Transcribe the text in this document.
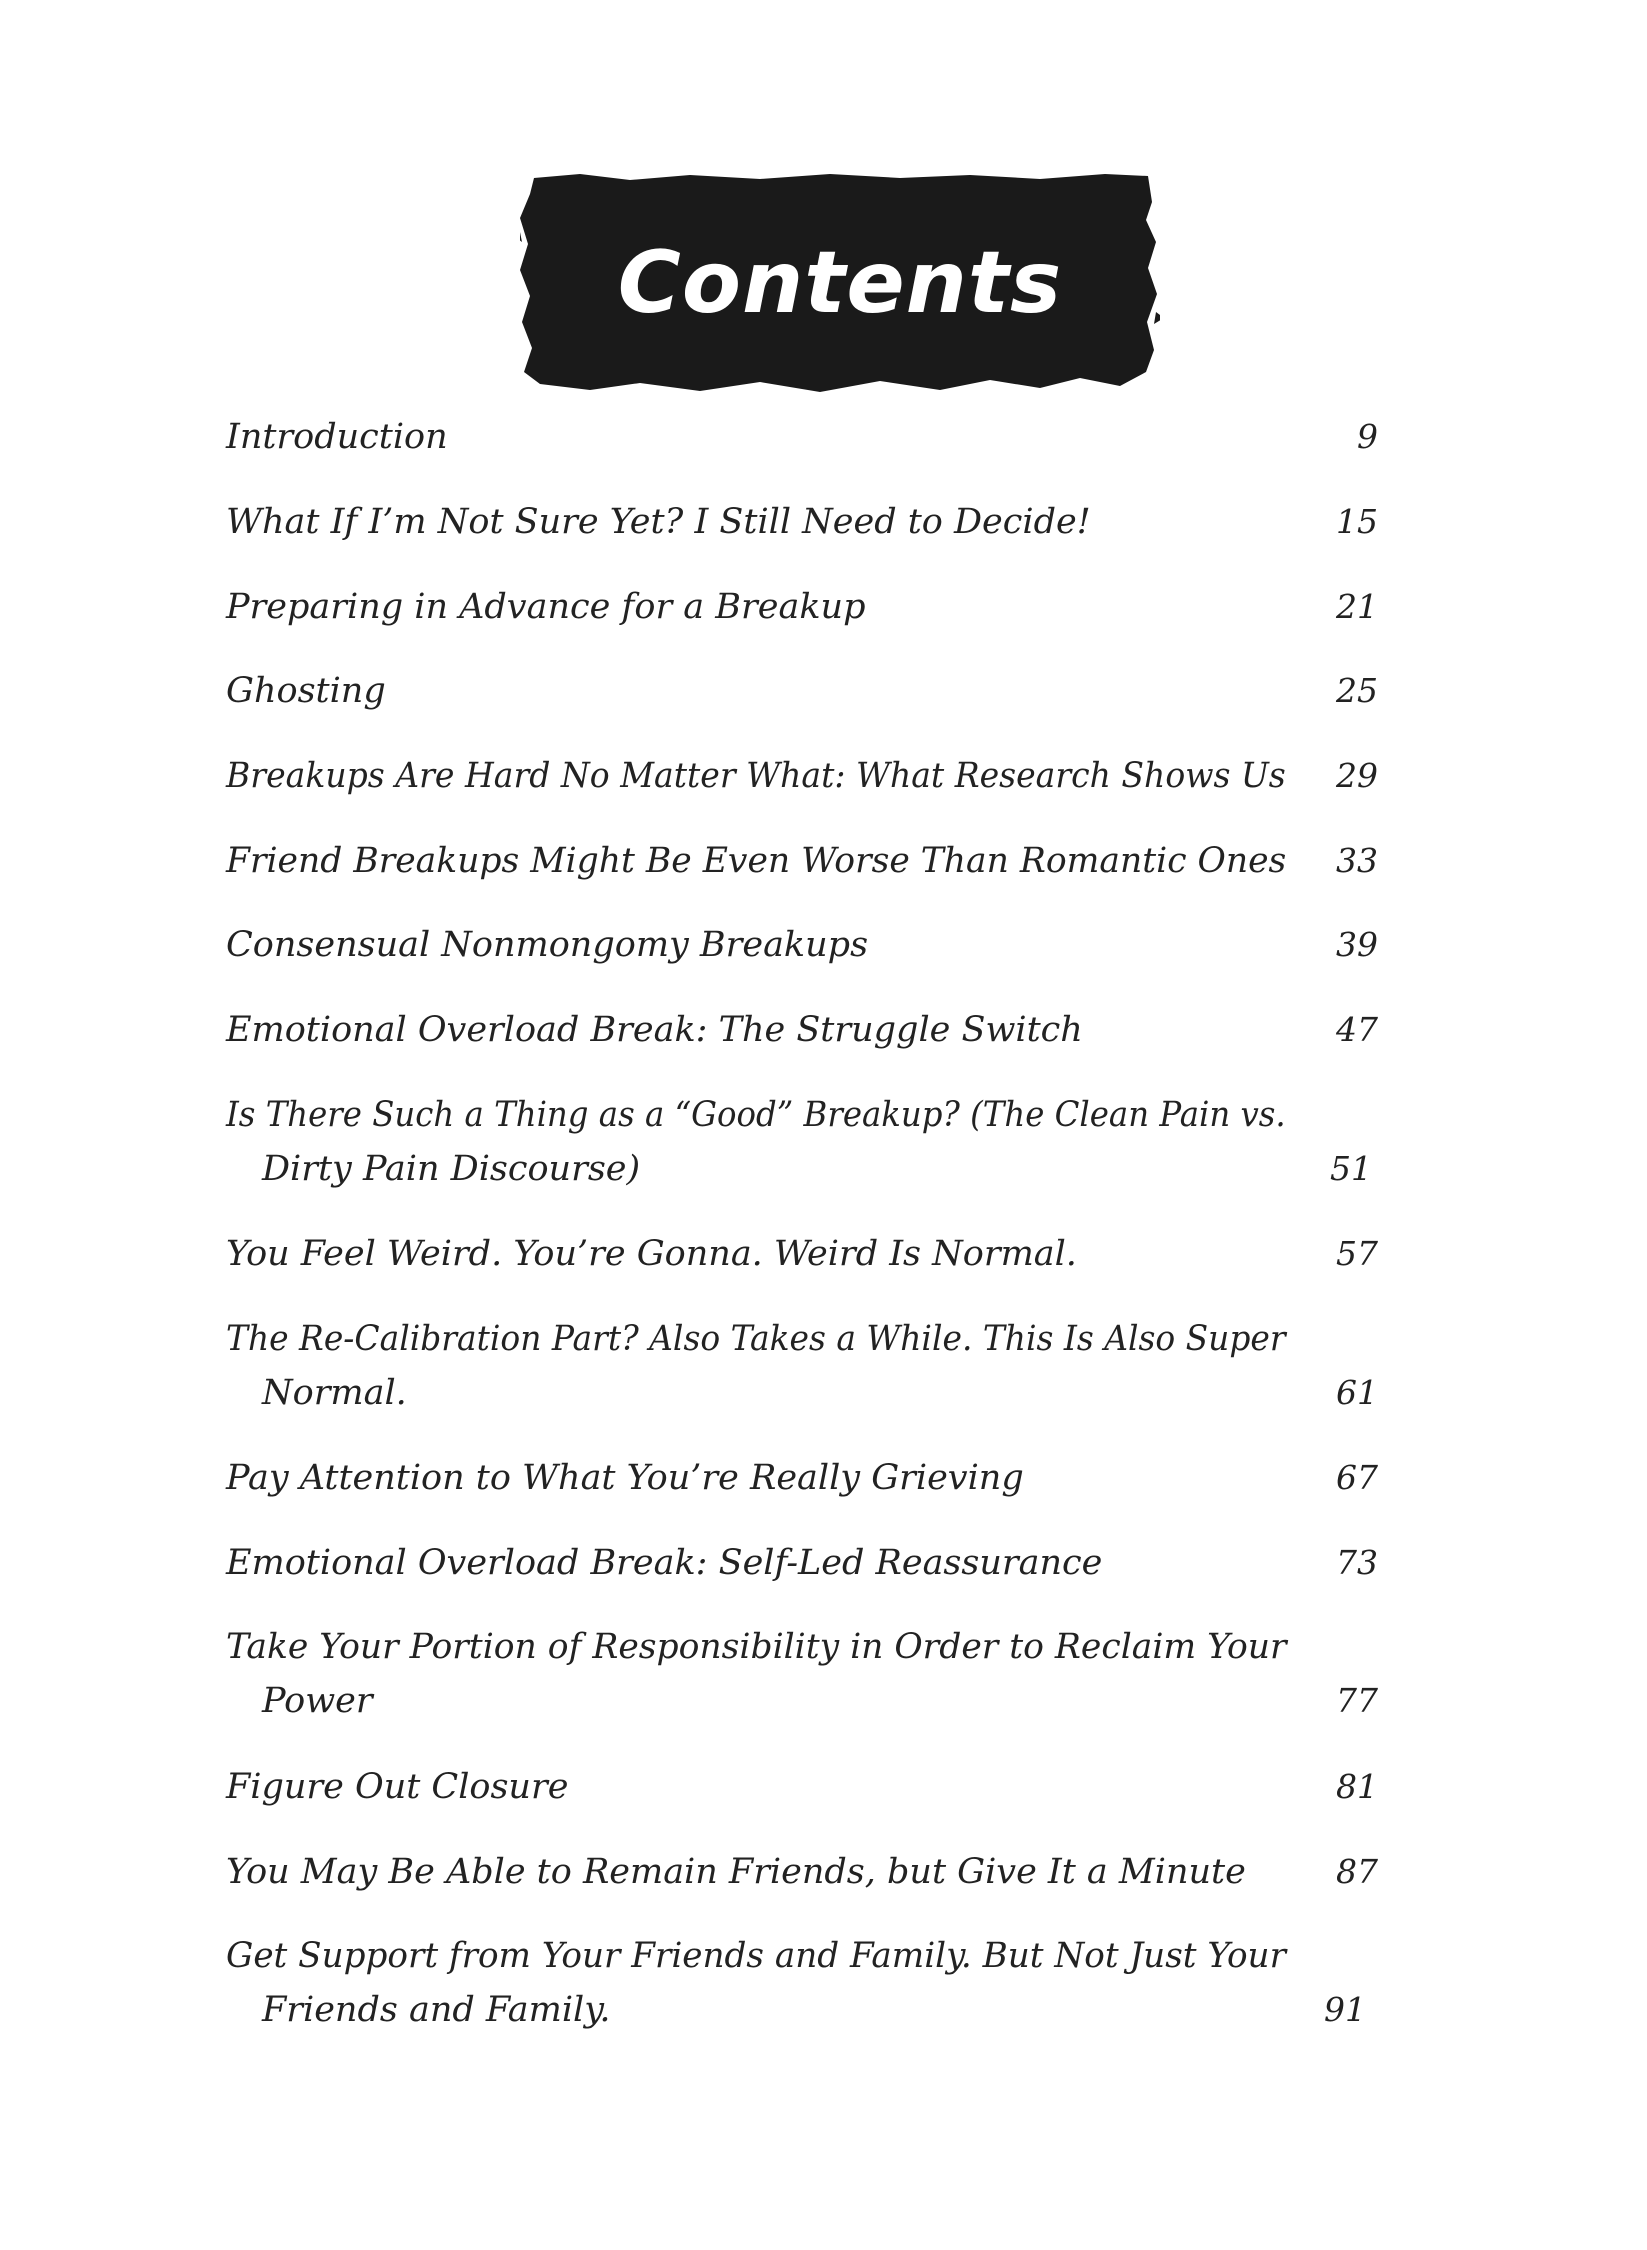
Contents
Introduction	9
What If I’m Not Sure Yet? I Still Need to Decide!	15
Preparing in Advance for a Breakup	21
Ghosting	25
Breakups Are Hard No Matter What: What Research Shows Us 29
Friend Breakups Might Be Even Worse Than Romantic Ones 33
Consensual Nonmongomy Breakups	39
Emotional Overload Break: The Struggle Switch	47
Is There Such a Thing as a “Good” Breakup? (The Clean Pain vs.
Dirty Pain Discourse)	51
You Feel Weird. You’re Gonna. Weird Is Normal.	57
The Re-Calibration Part? Also Takes a While. This Is Also Super
Normal.	61
Pay Attention to What You’re Really Grieving	67
Emotional Overload Break: Self-Led Reassurance	73
Take Your Portion of Responsibility in Order to Reclaim Your
Power	77
Figure Out Closure	81
You May Be Able to Remain Friends, but Give It a Minute	87
Get Support from Your Friends and Family. But Not Just Your
Friends and Family.	91
